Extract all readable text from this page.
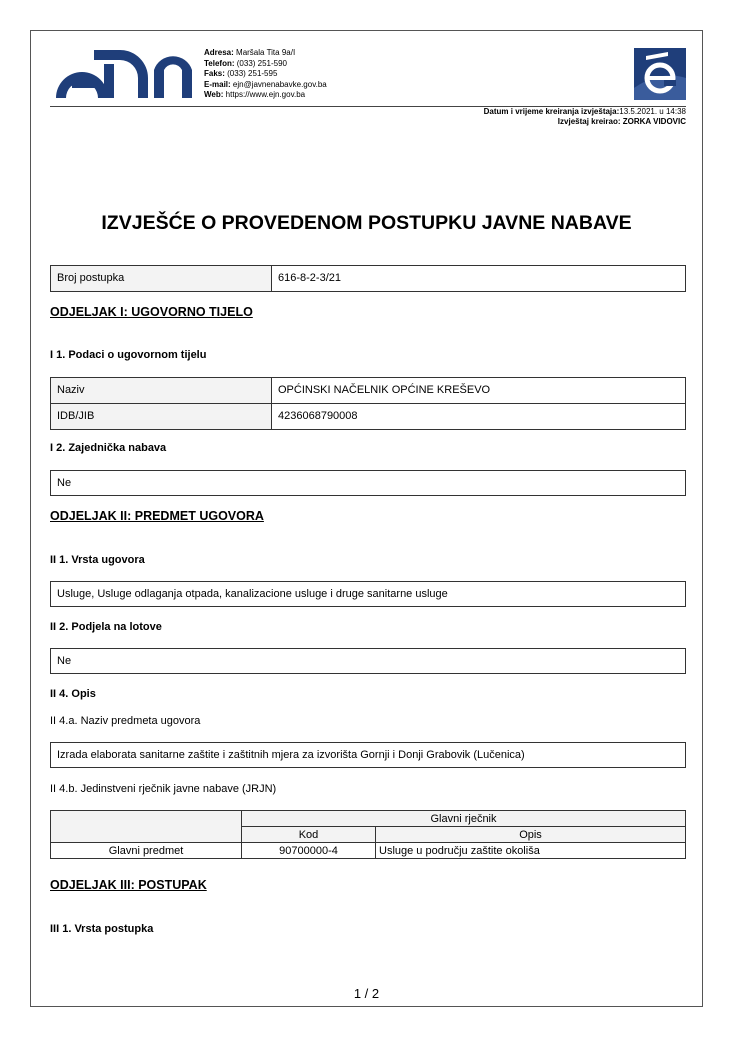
Adresa: Maršala Tita 9a/I
Telefon: (033) 251-590
Faks: (033) 251-595
E-mail: ejn@javnenabavke.gov.ba
Web: https://www.ejn.gov.ba
Datum i vrijeme kreiranja izvještaja:13.5.2021. u 14:38
Izvještaj kreirao: ZORKA VIDOVIC
IZVJEŠĆE O PROVEDENOM POSTUPKU JAVNE NABAVE
Broj postupka	616-8-2-3/21
ODJELJAK I: UGOVORNO TIJELO
I 1. Podaci o ugovornom tijelu
Naziv	OPĆINSKI NAČELNIK OPĆINE KREŠEVO
IDB/JIB	4236068790008
I 2. Zajednička nabava
Ne
ODJELJAK II: PREDMET UGOVORA
II 1. Vrsta ugovora
Usluge, Usluge odlaganja otpada, kanalizacione usluge i druge sanitarne usluge
II 2. Podjela na lotove
Ne
II 4. Opis
II 4.a. Naziv predmeta ugovora
Izrada elaborata sanitarne zaštite i zaštitnih mjera za izvorišta Gornji i Donji Grabovik (Lučenica)
II 4.b. Jedinstveni rječnik javne nabave (JRJN)
	Glavni rječnik	
	Kod	Opis
Glavni predmet	90700000-4	Usluge u području zaštite okoliša
ODJELJAK III: POSTUPAK
III 1. Vrsta postupka
1 / 2
